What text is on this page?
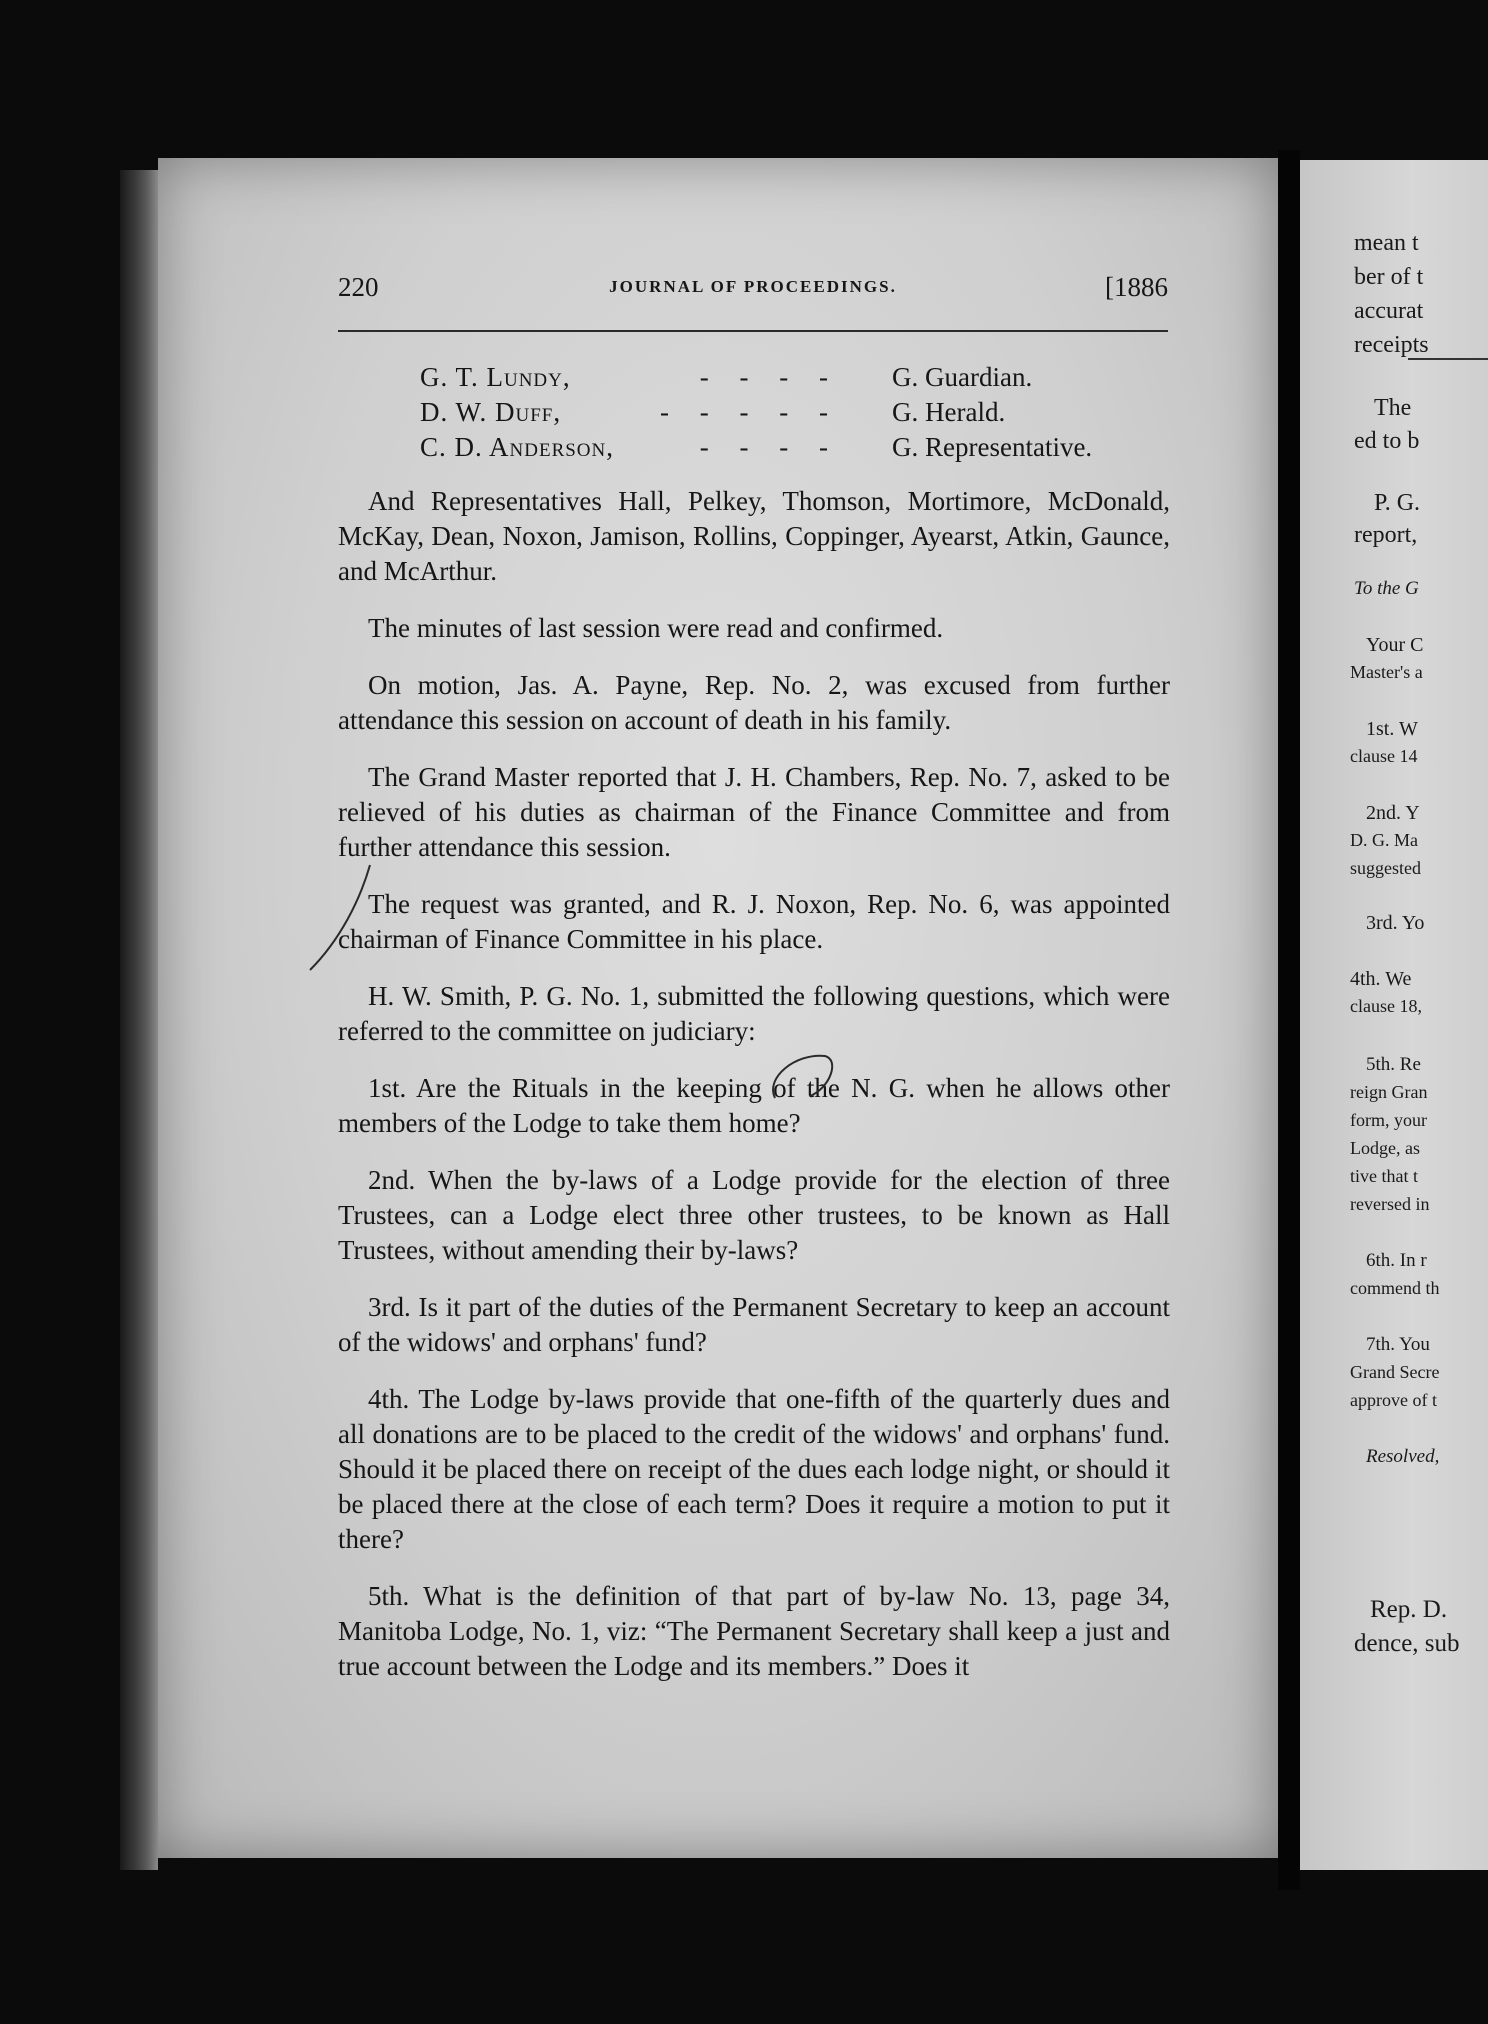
220	JOURNAL OF PROCEEDINGS.	[1886
G. T. Lundy,	- - - - G. Guardian.
D. W. Duff,	- - - - - G. Herald.
C. D. Anderson,	- - - - G. Representative.

And Representatives Hall, Pelkey, Thomson, Mortimore, McDonald, McKay, Dean, Noxon, Jamison, Rollins, Coppinger, Ayearst, Atkin, Gaunce, and McArthur.

The minutes of last session were read and confirmed.

On motion, Jas. A. Payne, Rep. No. 2, was excused from further attendance this session on account of death in his family.

The Grand Master reported that J. H. Chambers, Rep. No. 7, asked to be relieved of his duties as chairman of the Finance Committee and from further attendance this session.

The request was granted, and R. J. Noxon, Rep. No. 6, was appointed chairman of Finance Committee in his place.

H. W. Smith, P. G. No. 1, submitted the following questions, which were referred to the committee on judiciary:

1st. Are the Rituals in the keeping of the N. G. when he allows other members of the Lodge to take them home?

2nd. When the by-laws of a Lodge provide for the election of three Trustees, can a Lodge elect three other trustees, to be known as Hall Trustees, without amending their by-laws?

3rd. Is it part of the duties of the Permanent Secretary to keep an account of the widows' and orphans' fund?

4th. The Lodge by-laws provide that one-fifth of the quarterly dues and all donations are to be placed to the credit of the widows' and orphans' fund. Should it be placed there on receipt of the dues each lodge night, or should it be placed there at the close of each term? Does it require a motion to put it there?

5th. What is the definition of that part of by-law No. 13, page 34, Manitoba Lodge, No. 1, viz: “The Permanent Secretary shall keep a just and true account between the Lodge and its members.” Does it

mean t
ber of t
accurat
receipts
The
ed to b
P. G.
report,
To the G
Your C
Master's a
1st. W
clause 14
2nd. Y
D. G. Ma
suggested
3rd. Yo
4th. We
clause 18,
5th. Re
reign Gran
form, your
Lodge, as
tive that t
reversed in
6th. In r
commend th
7th. You
Grand Secre
approve of t
Resolved,
Rep. D.
dence, sub
